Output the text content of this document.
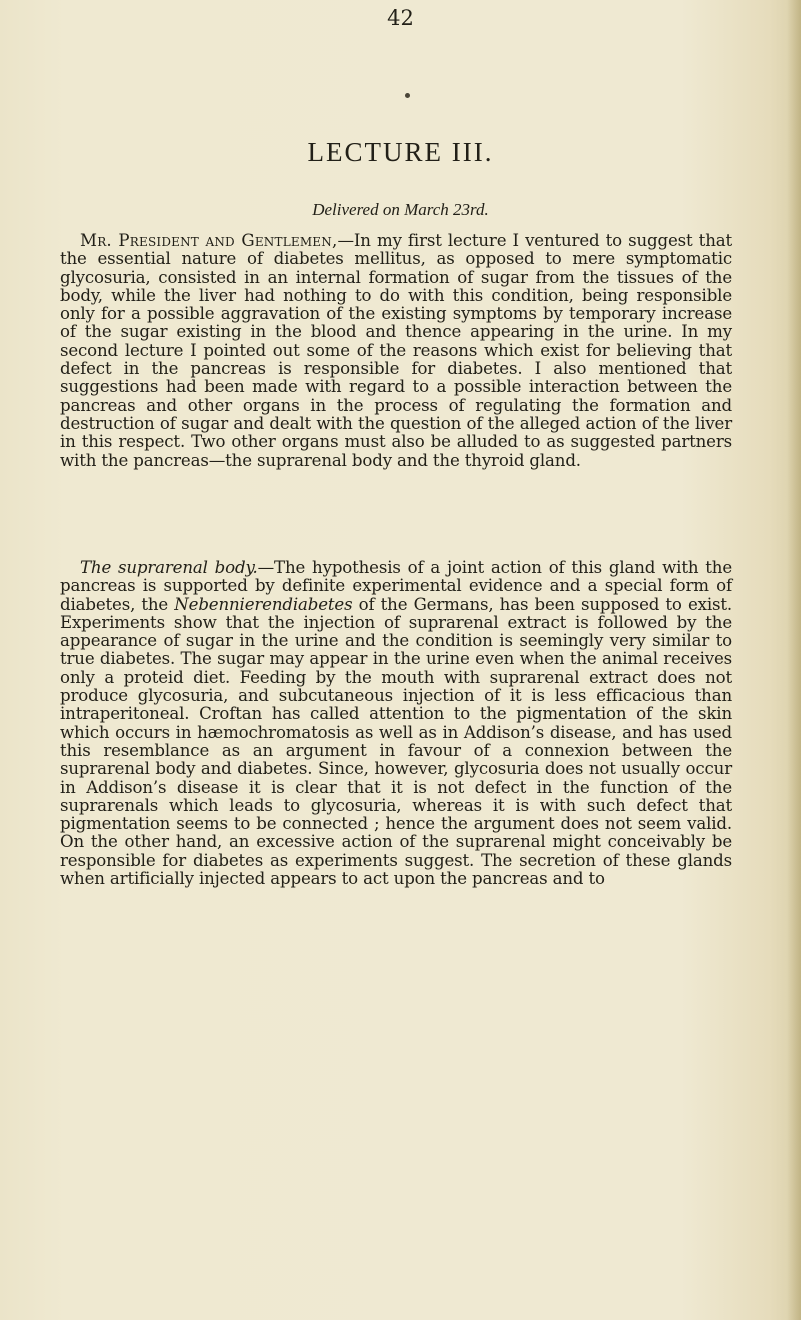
42
LECTURE III.
Delivered on March 23rd.

Mr. President and Gentlemen,—In my first lecture I ventured to suggest that the essential nature of diabetes mellitus, as opposed to mere symptomatic glycosuria, consisted in an internal formation of sugar from the tissues of the body, while the liver had nothing to do with this condition, being responsible only for a possible aggravation of the existing symptoms by temporary increase of the sugar existing in the blood and thence appearing in the urine. In my second lecture I pointed out some of the reasons which exist for believing that defect in the pancreas is responsible for diabetes. I also mentioned that suggestions had been made with regard to a possible interaction between the pancreas and other organs in the process of regulating the formation and destruction of sugar and dealt with the question of the alleged action of the liver in this respect. Two other organs must also be alluded to as suggested partners with the pancreas—the suprarenal body and the thyroid gland.

The suprarenal body.—The hypothesis of a joint action of this gland with the pancreas is supported by definite experimental evidence and a special form of diabetes, the Nebennierendiabetes of the Germans, has been supposed to exist. Experiments show that the injection of suprarenal extract is followed by the appearance of sugar in the urine and the condition is seemingly very similar to true diabetes. The sugar may appear in the urine even when the animal receives only a proteid diet. Feeding by the mouth with suprarenal extract does not produce glycosuria, and subcutaneous injection of it is less efficacious than intraperitoneal. Croftan has called attention to the pigmentation of the skin which occurs in hæmochromatosis as well as in Addison’s disease, and has used this resemblance as an argument in favour of a connexion between the suprarenal body and diabetes. Since, however, glycosuria does not usually occur in Addison’s disease it is clear that it is not defect in the function of the suprarenals which leads to glycosuria, whereas it is with such defect that pigmentation seems to be connected ; hence the argument does not seem valid. On the other hand, an excessive action of the suprarenal might conceivably be responsible for diabetes as experiments suggest. The secretion of these glands when artificially injected appears to act upon the pancreas and to
